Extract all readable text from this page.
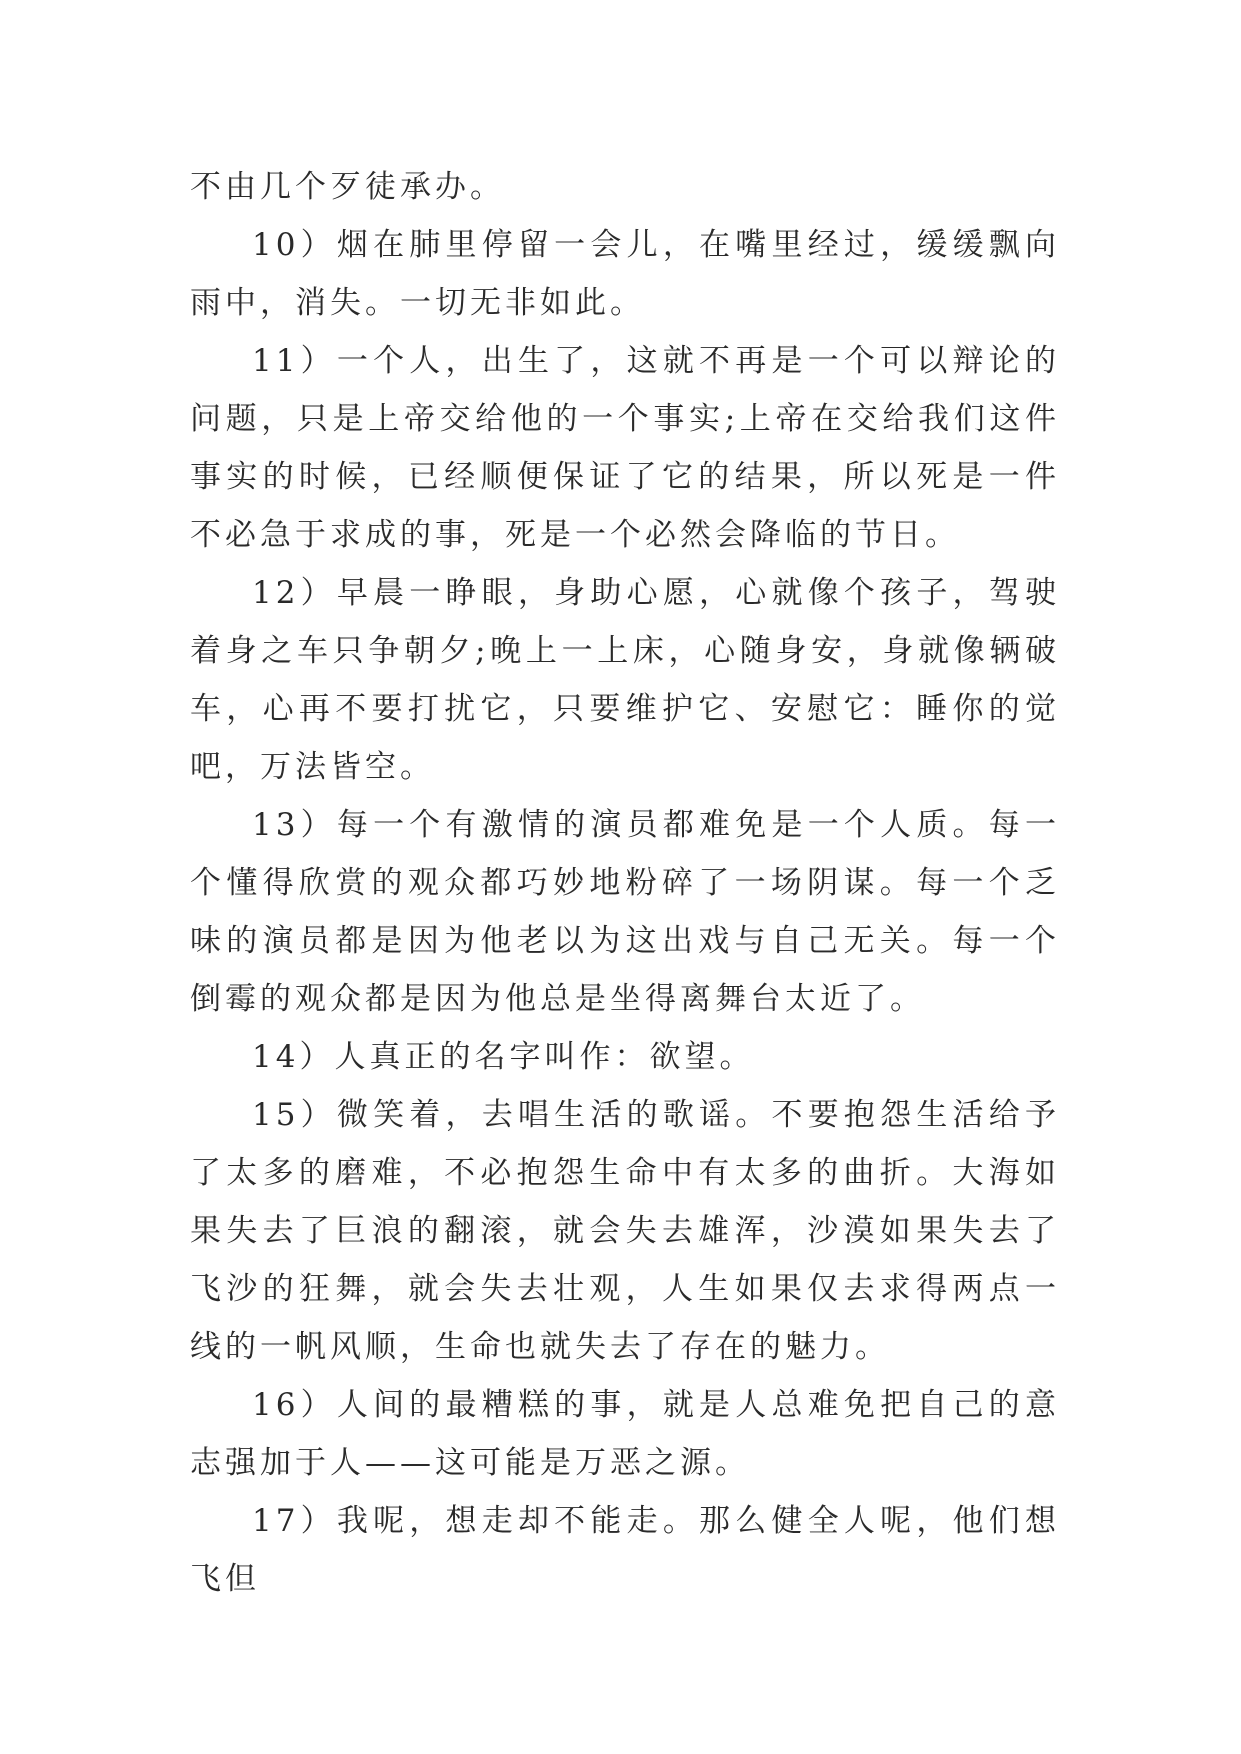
不由几个歹徒承办。

10）烟在肺里停留一会儿，在嘴里经过，缓缓飘向雨中，消失。一切无非如此。

11）一个人，出生了，这就不再是一个可以辩论的问题，只是上帝交给他的一个事实;上帝在交给我们这件事实的时候，已经顺便保证了它的结果，所以死是一件不必急于求成的事，死是一个必然会降临的节日。

12）早晨一睁眼，身助心愿，心就像个孩子，驾驶着身之车只争朝夕;晚上一上床，心随身安，身就像辆破车，心再不要打扰它，只要维护它、安慰它：睡你的觉吧，万法皆空。

13）每一个有激情的演员都难免是一个人质。每一个懂得欣赏的观众都巧妙地粉碎了一场阴谋。每一个乏味的演员都是因为他老以为这出戏与自己无关。每一个倒霉的观众都是因为他总是坐得离舞台太近了。

14）人真正的名字叫作：欲望。

15）微笑着，去唱生活的歌谣。不要抱怨生活给予了太多的磨难，不必抱怨生命中有太多的曲折。大海如果失去了巨浪的翻滚，就会失去雄浑，沙漠如果失去了飞沙的狂舞，就会失去壮观，人生如果仅去求得两点一线的一帆风顺，生命也就失去了存在的魅力。

16）人间的最糟糕的事，就是人总难免把自己的意志强加于人——这可能是万恶之源。

17）我呢，想走却不能走。那么健全人呢，他们想飞但
